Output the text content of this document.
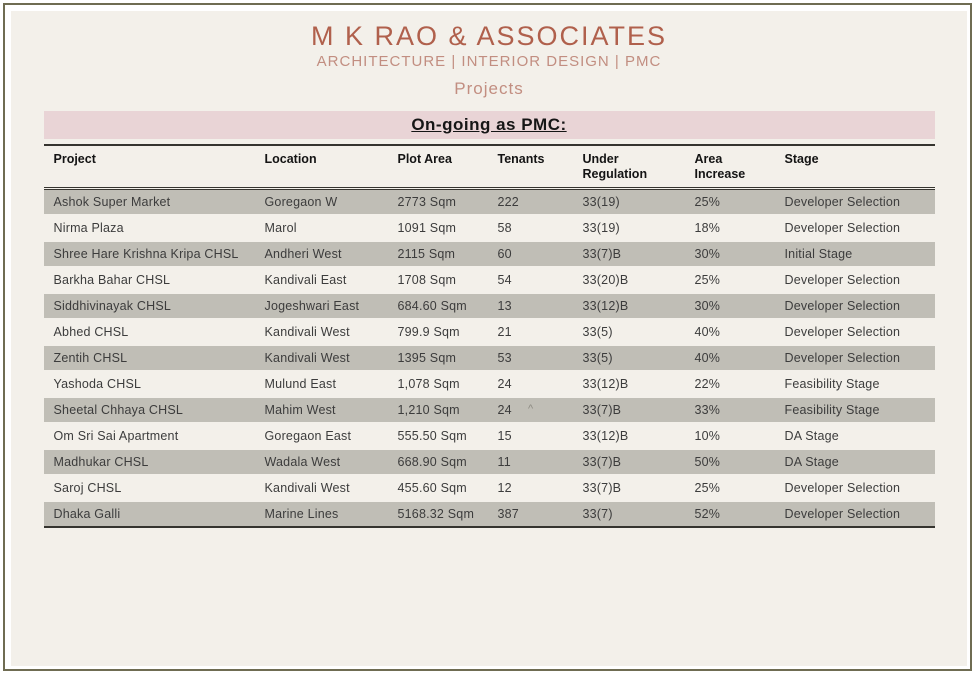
M K RAO & ASSOCIATES
ARCHITECTURE | INTERIOR DESIGN | PMC
Projects
On-going as PMC:
Project	Location	Plot Area	Tenants	Under Regulation	Area Increase	Stage
Ashok Super Market	Goregaon W	2773 Sqm	222	33(19)	25%	Developer Selection
Nirma Plaza	Marol	1091 Sqm	58	33(19)	18%	Developer Selection
Shree Hare Krishna Kripa CHSL	Andheri West	2115 Sqm	60	33(7)B	30%	Initial Stage
Barkha Bahar CHSL	Kandivali East	1708 Sqm	54	33(20)B	25%	Developer Selection
Siddhivinayak CHSL	Jogeshwari East	684.60 Sqm	13	33(12)B	30%	Developer Selection
Abhed CHSL	Kandivali West	799.9 Sqm	21	33(5)	40%	Developer Selection
Zentih CHSL	Kandivali West	1395 Sqm	53	33(5)	40%	Developer Selection
Yashoda CHSL	Mulund East	1,078 Sqm	24	33(12)B	22%	Feasibility Stage
Sheetal Chhaya CHSL	Mahim West	1,210 Sqm	24	33(7)B	33%	Feasibility Stage
Om Sri Sai Apartment	Goregaon East	555.50 Sqm	15	33(12)B	10%	DA Stage
Madhukar CHSL	Wadala West	668.90 Sqm	11	33(7)B	50%	DA Stage
Saroj CHSL	Kandivali West	455.60 Sqm	12	33(7)B	25%	Developer Selection
Dhaka Galli	Marine Lines	5168.32 Sqm	387	33(7)	52%	Developer Selection
^
